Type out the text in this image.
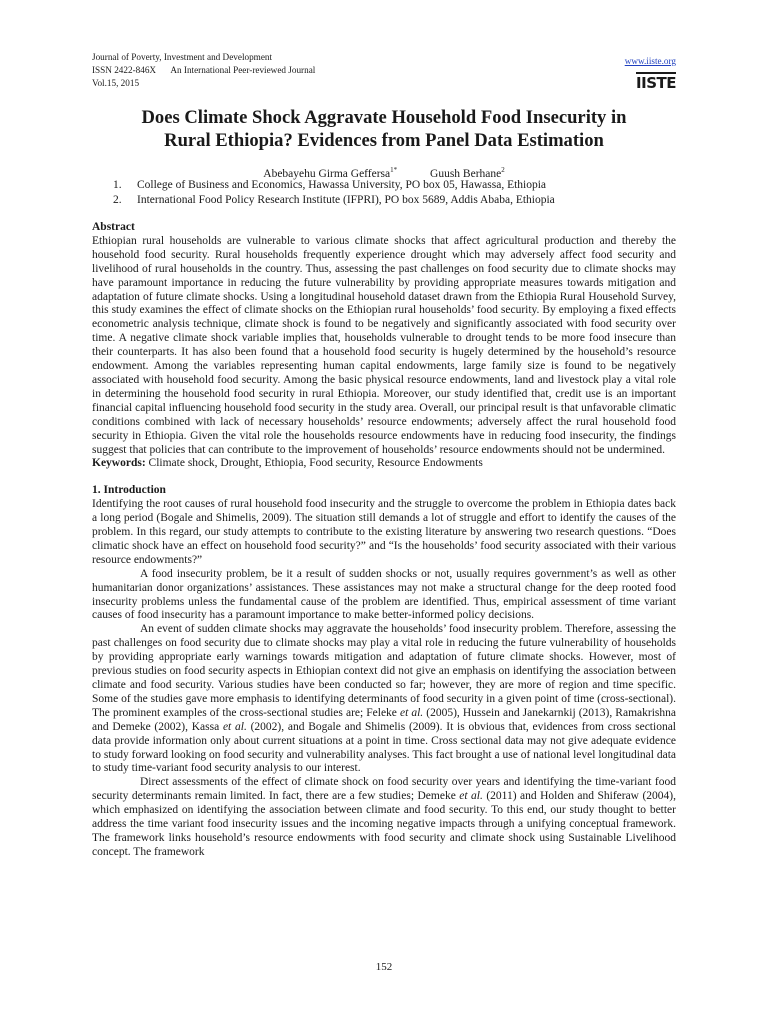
Journal of Poverty, Investment and Development
ISSN 2422-846X An International Peer-reviewed Journal
Vol.15, 2015
www.iiste.org
IISTE
Does Climate Shock Aggravate Household Food Insecurity in
Rural Ethiopia? Evidences from Panel Data Estimation
Abebayehu Girma Geffersa$^{1*}$	Guush Berhane$^2$
1. College of Business and Economics, Hawassa University, PO box 05, Hawassa, Ethiopia
2. International Food Policy Research Institute (IFPRI), PO box 5689, Addis Ababa, Ethiopia
Abstract

Ethiopian rural households are vulnerable to various climate shocks that affect agricultural production and thereby the household food security. Rural households frequently experience drought which may adversely affect food security and livelihood of rural households in the country. Thus, assessing the past challenges on food security due to climate shocks may have paramount importance in reducing the future vulnerability by providing appropriate measures towards mitigation and adaptation of future climate shocks. Using a longitudinal household dataset drawn from the Ethiopia Rural Household Survey, this study examines the effect of climate shocks on the Ethiopian rural households’ food security. By employing a fixed effects econometric analysis technique, climate shock is found to be negatively and significantly associated with food security over time. A negative climate shock variable implies that, households vulnerable to drought tends to be more food insecure than their counterparts. It has also been found that a household food security is hugely determined by the household’s resource endowment. Among the variables representing human capital endowments, large family size is found to be negatively associated with household food security. Among the basic physical resource endowments, land and livestock play a vital role in determining the household food security in rural Ethiopia. Moreover, our study identified that, credit use is an important financial capital influencing household food security in the study area. Overall, our principal result is that unfavorable climatic conditions combined with lack of necessary households’ resource endowments; adversely affect the rural household food security in Ethiopia. Given the vital role the households resource endowments have in reducing food insecurity, the findings suggest that policies that can contribute to the improvement of households’ resource endowments should not be undermined.

Keywords: Climate shock, Drought, Ethiopia, Food security, Resource Endowments

1. Introduction

Identifying the root causes of rural household food insecurity and the struggle to overcome the problem in Ethiopia dates back a long period (Bogale and Shimelis, 2009). The situation still demands a lot of struggle and effort to identify the causes of the problem. In this regard, our study attempts to contribute to the existing literature by answering two research questions. “Does climatic shock have an effect on household food security?” and “Is the households’ food security associated with their various resource endowments?”

A food insecurity problem, be it a result of sudden shocks or not, usually requires government’s as well as other humanitarian donor organizations’ assistances. These assistances may not make a structural change for the deep rooted food insecurity problems unless the fundamental cause of the problem are identified. Thus, empirical assessment of time variant causes of food insecurity has a paramount importance to make better-informed policy decisions.

An event of sudden climate shocks may aggravate the households’ food insecurity problem. Therefore, assessing the past challenges on food security due to climate shocks may play a vital role in reducing the future vulnerability of households by providing appropriate early warnings towards mitigation and adaptation of future climate shocks. However, most of previous studies on food security aspects in Ethiopian context did not give an emphasis on identifying the association between climate and food security. Various studies have been conducted so far; however, they are more of region and time specific. Some of the studies gave more emphasis to identifying determinants of food security in a given point of time (cross-sectional). The prominent examples of the cross-sectional studies are; Feleke et al. (2005), Hussein and Janekarnkij (2013), Ramakrishna and Demeke (2002), Kassa et al. (2002), and Bogale and Shimelis (2009). It is obvious that, evidences from cross sectional data provide information only about current situations at a point in time. Cross sectional data may not give adequate evidence to study forward looking on food security and vulnerability analyses. This fact brought a use of national level longitudinal data to study time-variant food security analysis to our interest.

Direct assessments of the effect of climate shock on food security over years and identifying the time-variant food security determinants remain limited. In fact, there are a few studies; Demeke et al. (2011) and Holden and Shiferaw (2004), which emphasized on identifying the association between climate and food security. To this end, our study thought to better address the time variant food insecurity issues and the incoming negative impacts through a unifying conceptual framework. The framework links household’s resource endowments with food security and climate shock using Sustainable Livelihood concept. The framework

152
